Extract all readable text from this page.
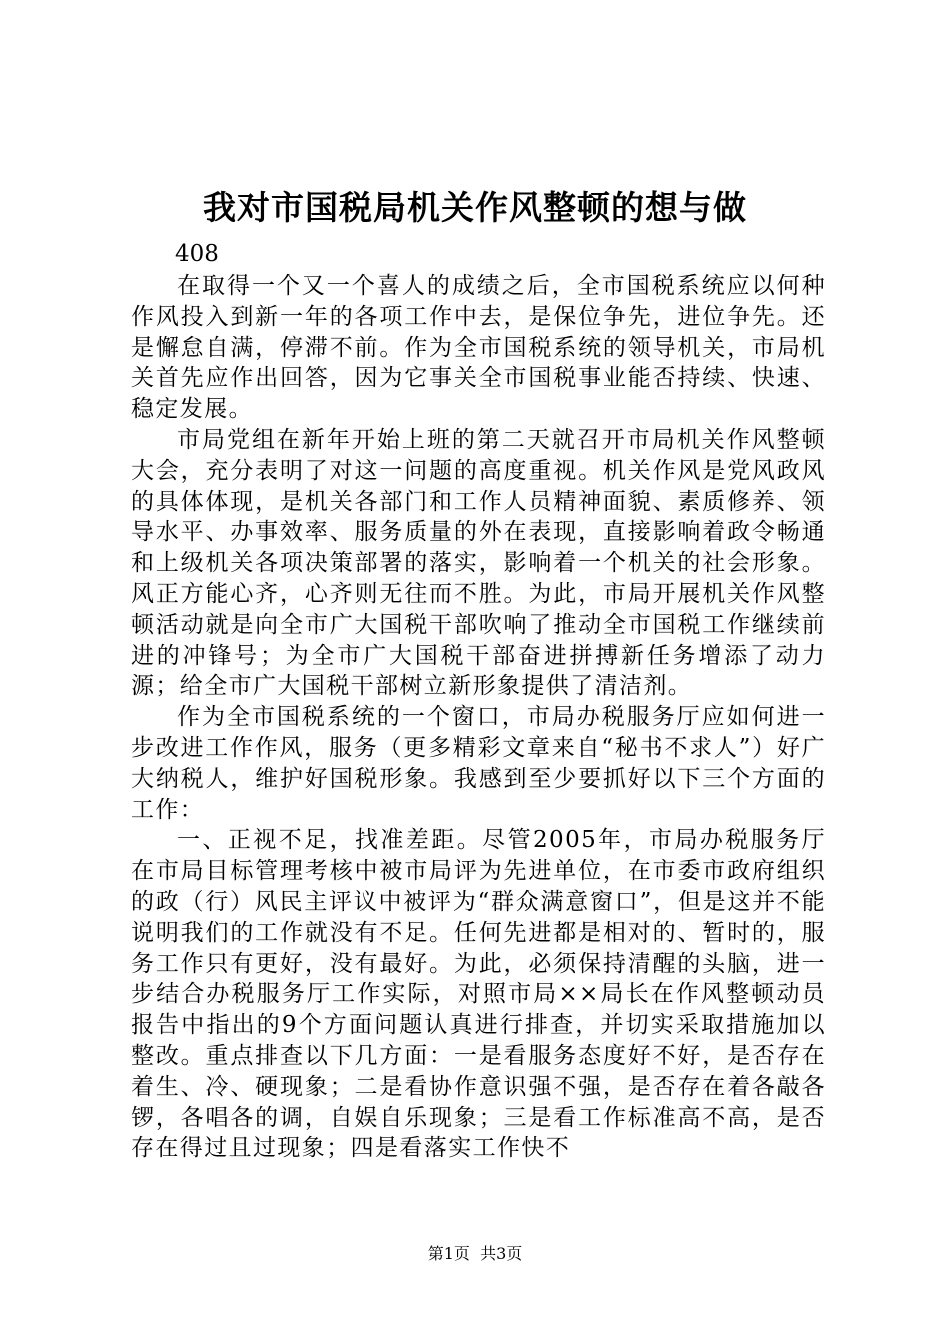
我对市国税局机关作风整顿的想与做
408

在取得一个又一个喜人的成绩之后，全市国税系统应以何种作风投入到新一年的各项工作中去，是保位争先，进位争先。还是懈怠自满，停滞不前。作为全市国税系统的领导机关，市局机关首先应作出回答，因为它事关全市国税事业能否持续、快速、稳定发展。

市局党组在新年开始上班的第二天就召开市局机关作风整顿大会，充分表明了对这一问题的高度重视。机关作风是党风政风的具体体现，是机关各部门和工作人员精神面貌、素质修养、领导水平、办事效率、服务质量的外在表现，直接影响着政令畅通和上级机关各项决策部署的落实，影响着一个机关的社会形象。风正方能心齐，心齐则无往而不胜。为此，市局开展机关作风整顿活动就是向全市广大国税干部吹响了推动全市国税工作继续前进的冲锋号；为全市广大国税干部奋进拼搏新任务增添了动力源；给全市广大国税干部树立新形象提供了清洁剂。

作为全市国税系统的一个窗口，市局办税服务厅应如何进一步改进工作作风，服务（更多精彩文章来自“秘书不求人”）好广大纳税人，维护好国税形象。我感到至少要抓好以下三个方面的工作：

一、正视不足，找准差距。尽管2005年，市局办税服务厅在市局目标管理考核中被市局评为先进单位，在市委市政府组织的政（行）风民主评议中被评为“群众满意窗口”，但是这并不能说明我们的工作就没有不足。任何先进都是相对的、暂时的，服务工作只有更好，没有最好。为此，必须保持清醒的头脑，进一步结合办税服务厅工作实际，对照市局××局长在作风整顿动员报告中指出的9个方面问题认真进行排查，并切实采取措施加以整改。重点排查以下几方面：一是看服务态度好不好，是否存在着生、冷、硬现象；二是看协作意识强不强，是否存在着各敲各锣，各唱各的调，自娱自乐现象；三是看工作标准高不高，是否存在得过且过现象；四是看落实工作快不

第1页 共3页
